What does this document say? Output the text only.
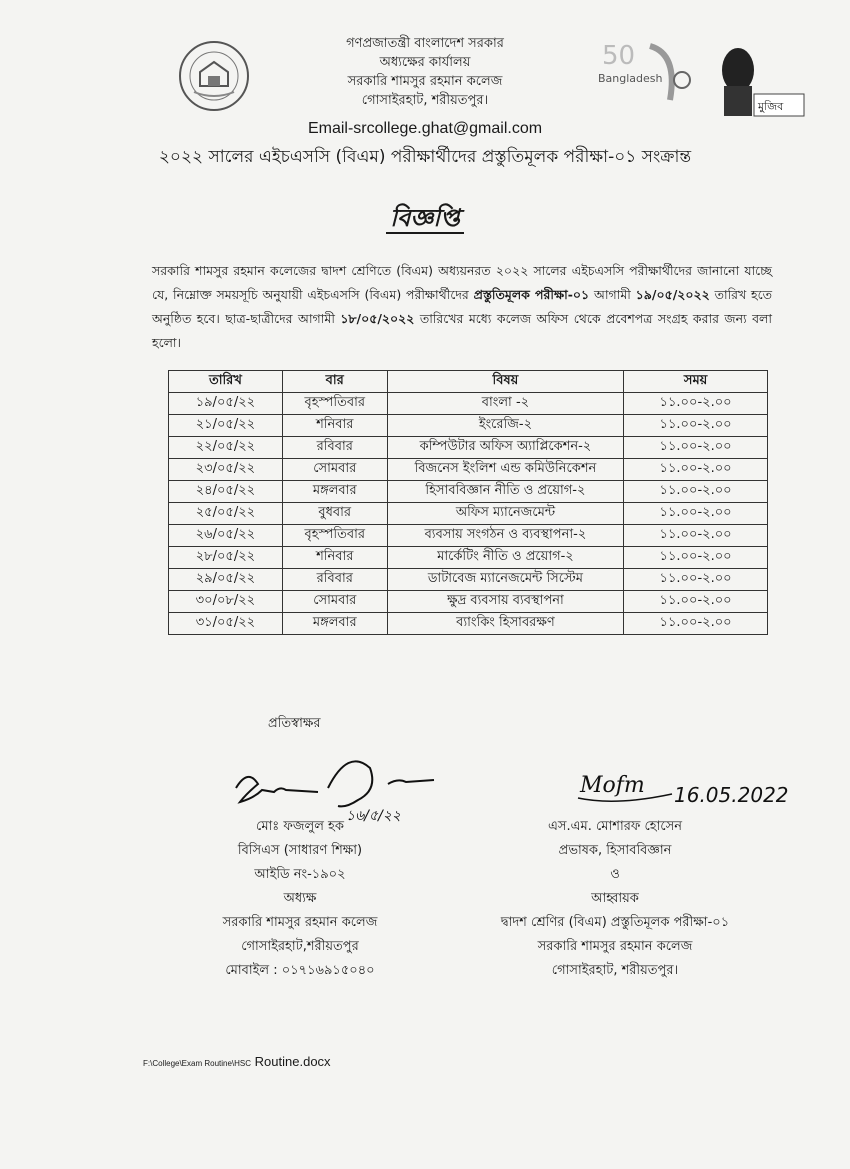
গণপ্রজাতন্ত্রী বাংলাদেশ সরকার
অধ্যক্ষের কার্যালয়
সরকারি শামসুর রহমান কলেজ
গোসাইরহাট, শরীয়তপুর।
50
Bangladesh
মুজিব
Email-srcollege.ghat@gmail.com
২০২২ সালের এইচএসসি (বিএম) পরীক্ষার্থীদের প্রস্তুতিমূলক পরীক্ষা-০১ সংক্রান্ত
বিজ্ঞপ্তি
সরকারি শামসুর রহমান কলেজের দ্বাদশ শ্রেণিতে (বিএম) অধ্যয়নরত ২০২২ সালের এইচএসসি পরীক্ষার্থীদের জানানো যাচ্ছে যে, নিম্নোক্ত সময়সূচি অনুযায়ী এইচএসসি (বিএম) পরীক্ষার্থীদের প্রস্তুতিমূলক পরীক্ষা-০১ আগামী ১৯/০৫/২০২২ তারিখ হতে অনুষ্ঠিত হবে। ছাত্র-ছাত্রীদের আগামী ১৮/০৫/২০২২ তারিখের মধ্যে কলেজ অফিস থেকে প্রবেশপত্র সংগ্রহ করার জন্য বলা হলো।
তারিখ	বার	বিষয়	সময়
১৯/০৫/২২	বৃহস্পতিবার	বাংলা -২	১১.০০-২.০০
২১/০৫/২২	শনিবার	ইংরেজি-২	১১.০০-২.০০
২২/০৫/২২	রবিবার	কম্পিউটার অফিস অ্যাপ্লিকেশন-২	১১.০০-২.০০
২৩/০৫/২২	সোমবার	বিজনেস ইংলিশ এন্ড কমিউনিকেশন	১১.০০-২.০০
২৪/০৫/২২	মঙ্গলবার	হিসাববিজ্ঞান নীতি ও প্রয়োগ-২	১১.০০-২.০০
২৫/০৫/২২	বুধবার	অফিস ম্যানেজমেন্ট	১১.০০-২.০০
২৬/০৫/২২	বৃহস্পতিবার	ব্যবসায় সংগঠন ও ব্যবস্থাপনা-২	১১.০০-২.০০
২৮/০৫/২২	শনিবার	মার্কেটিং নীতি ও প্রয়োগ-২	১১.০০-২.০০
২৯/০৫/২২	রবিবার	ডাটাবেজ ম্যানেজমেন্ট সিস্টেম	১১.০০-২.০০
৩০/০৮/২২	সোমবার	ক্ষুদ্র ব্যবসায় ব্যবস্থাপনা	১১.০০-২.০০
৩১/০৫/২২	মঙ্গলবার	ব্যাংকিং হিসাবরক্ষণ	১১.০০-২.০০
প্রতিস্বাক্ষর
১৬/৫/২২
Mofm 16.05.2022
মোঃ ফজলুল হক
বিসিএস (সাধারণ শিক্ষা)
আইডি নং-১৯০২
অধ্যক্ষ
সরকারি শামসুর রহমান কলেজ
গোসাইরহাট,শরীয়তপুর
মোবাইল : ০১৭১৬৯১৫০৪০
এস.এম. মোশারফ হোসেন
প্রভাষক, হিসাববিজ্ঞান
ও
আহ্বায়ক
দ্বাদশ শ্রেণির (বিএম) প্রস্তুতিমূলক পরীক্ষা-০১
সরকারি শামসুর রহমান কলেজ
গোসাইরহাট, শরীয়তপুর।
F:\College\Exam Routine\HSC Routine.docx
